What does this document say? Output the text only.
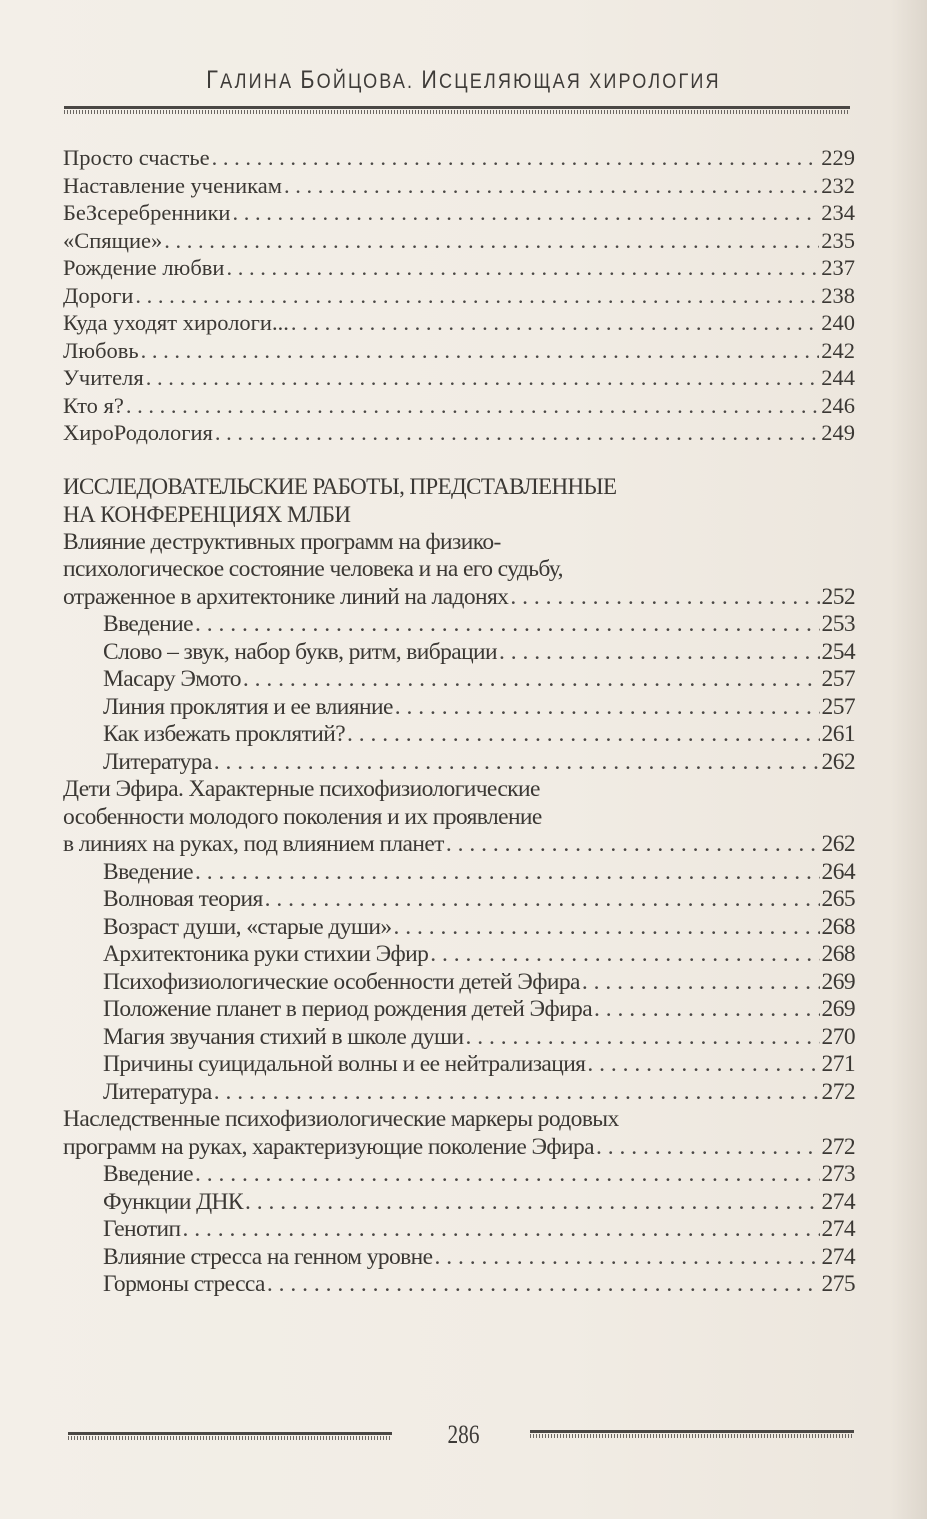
ГАЛИНА БОЙЦОВА. ИСЦЕЛЯЮЩАЯ ХИРОЛОГИЯ
Просто счастье . . .	229
Наставление ученикам . . .	232
БеЗсеребренники . . .	234
«Спящие» . . .	235
Рождение любви . . .	237
Дороги . . .	238
Куда уходят хирологи... . . .	240
Любовь . . .	242
Учителя . . .	244
Кто я? . . .	246
ХироРодология . . .	249
ИССЛЕДОВАТЕЛЬСКИЕ РАБОТЫ, ПРЕДСТАВЛЕННЫЕ
НА КОНФЕРЕНЦИЯХ МЛБИ
Влияние деструктивных программ на физико-
психологическое состояние человека и на его судьбу,
отраженное в архитектонике линий на ладонях . . .	252
Введение . . .	253
Слово – звук, набор букв, ритм, вибрации . . .	254
Масару Эмото . . .	257
Линия проклятия и ее влияние . . .	257
Как избежать проклятий? . . .	261
Литература . . .	262
Дети Эфира. Характерные психофизиологические
особенности молодого поколения и их проявление
в линиях на руках, под влиянием планет . . .	262
Введение . . .	264
Волновая теория . . .	265
Возраст души, «старые души» . . .	268
Архитектоника руки стихии Эфир . . .	268
Психофизиологические особенности детей Эфира . . .	269
Положение планет в период рождения детей Эфира . . .	269
Магия звучания стихий в школе души . . .	270
Причины суицидальной волны и ее нейтрализация . . .	271
Литература . . .	272
Наследственные психофизиологические маркеры родовых
программ на руках, характеризующие поколение Эфира . . .	272
Введение . . .	273
Функции ДНК . . .	274
Генотип . . .	274
Влияние стресса на генном уровне . . .	274
Гормоны стресса . . .	275
286
